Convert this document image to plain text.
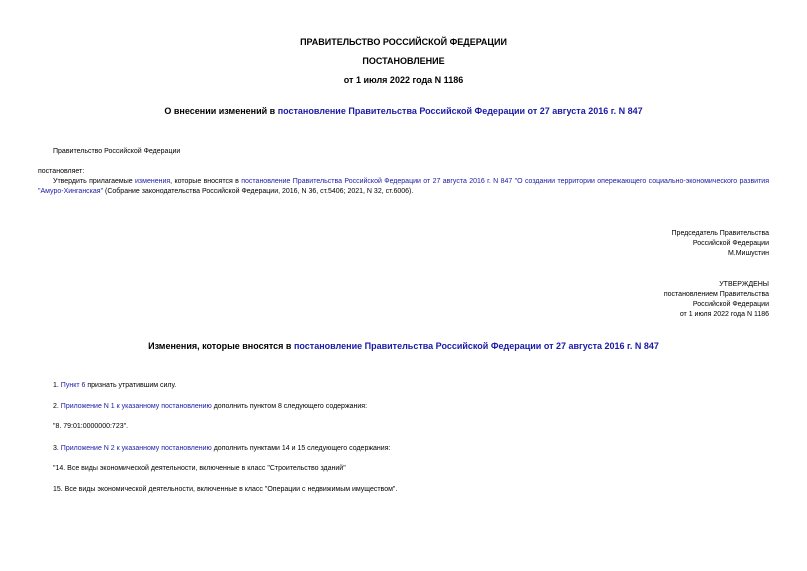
ПРАВИТЕЛЬСТВО РОССИЙСКОЙ ФЕДЕРАЦИИ
ПОСТАНОВЛЕНИЕ
от 1 июля 2022 года N 1186
О внесении изменений в постановление Правительства Российской Федерации от 27 августа 2016 г. N 847
Правительство Российской Федерации
постановляет:
Утвердить прилагаемые изменения, которые вносятся в постановление Правительства Российской Федерации от 27 августа 2016 г. N 847 "О создании территории опережающего социально-экономического развития "Амуро-Хинганская" (Собрание законодательства Российской Федерации, 2016, N 36, ст.5406; 2021, N 32, ст.6006).
Председатель Правительства
Российской Федерации
М.Мишустин
УТВЕРЖДЕНЫ
постановлением Правительства
Российской Федерации
от 1 июля 2022 года N 1186
Изменения, которые вносятся в постановление Правительства Российской Федерации от 27 августа 2016 г. N 847
1. Пункт 6 признать утратившим силу.
2. Приложение N 1 к указанному постановлению дополнить пунктом 8 следующего содержания:
"8. 79:01:0000000:723".
3. Приложение N 2 к указанному постановлению дополнить пунктами 14 и 15 следующего содержания:
"14. Все виды экономической деятельности, включенные в класс "Строительство зданий"
15. Все виды экономической деятельности, включенные в класс "Операции с недвижимым имуществом".
